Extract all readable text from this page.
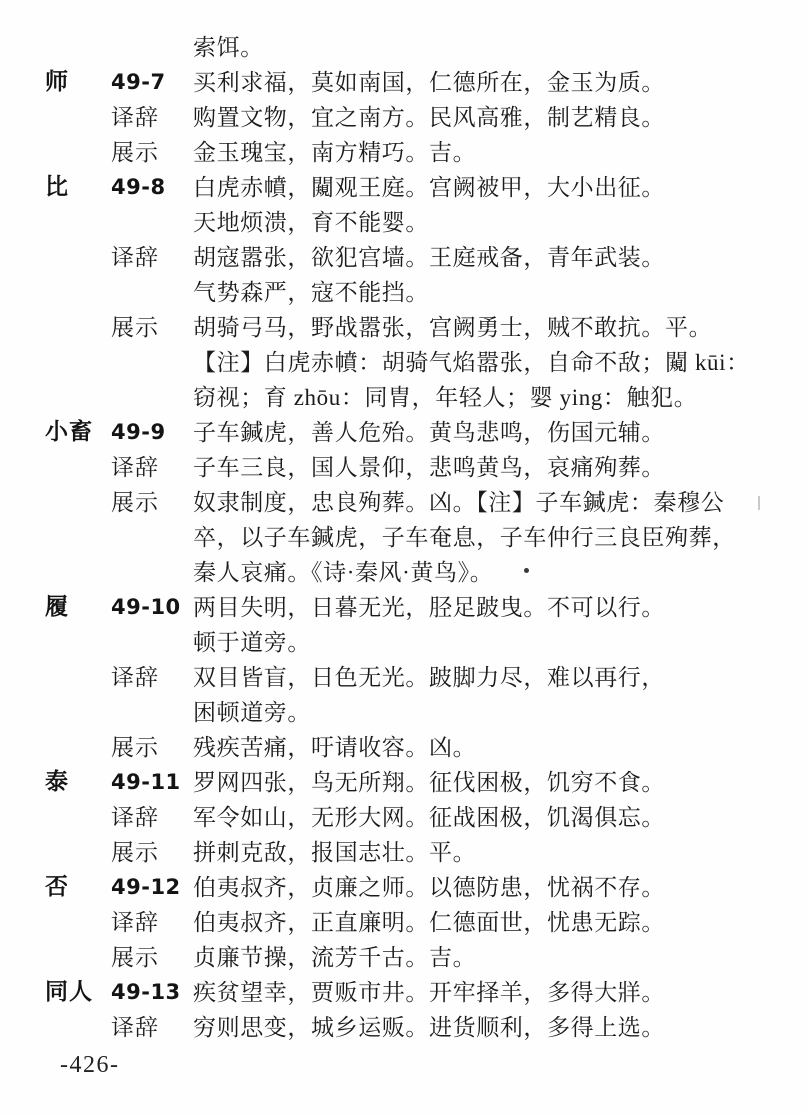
索饵。
师 49-7 买利求福，莫如南国，仁德所在，金玉为质。
译辞 购置文物，宜之南方。民风高雅，制艺精良。
展示 金玉瑰宝，南方精巧。吉。
比 49-8 白虎赤幩，闚观王庭。宫阙被甲，大小出征。
天地烦溃，育不能婴。
译辞 胡寇嚣张，欲犯宫墙。王庭戒备，青年武装。
气势森严，寇不能挡。
展示 胡骑弓马，野战嚣张，宫阙勇士，贼不敢抗。平。
【注】白虎赤幩：胡骑气焰嚣张，自命不敌；闚 kūi：
窃视；育 zhōu：同胄，年轻人；婴 ying：触犯。
小畜 49-9 子车鍼虎，善人危殆。黄鸟悲鸣，伤国元辅。
译辞 子车三良，国人景仰，悲鸣黄鸟，哀痛殉葬。
展示 奴隶制度，忠良殉葬。凶。【注】子车鍼虎：秦穆公
卒，以子车鍼虎，子车奄息，子车仲行三良臣殉葬，
秦人哀痛。《诗·秦风·黄鸟》。
履 49-10 两目失明，日暮无光，胫足跛曳。不可以行。
顿于道旁。
译辞 双目皆盲，日色无光。跛脚力尽，难以再行，
困顿道旁。
展示 残疾苦痛，吁请收容。凶。
泰 49-11 罗网四张，鸟无所翔。征伐困极，饥穷不食。
译辞 军令如山，无形大网。征战困极，饥渴俱忘。
展示 拼刺克敌，报国志壮。平。
否 49-12 伯夷叔齐，贞廉之师。以德防患，忧祸不存。
译辞 伯夷叔齐，正直廉明。仁德面世，忧患无踪。
展示 贞廉节操，流芳千古。吉。
同人 49-13 疾贫望幸，贾贩市井。开牢择羊，多得大牂。
译辞 穷则思变，城乡运贩。进货顺利，多得上选。
-426-
